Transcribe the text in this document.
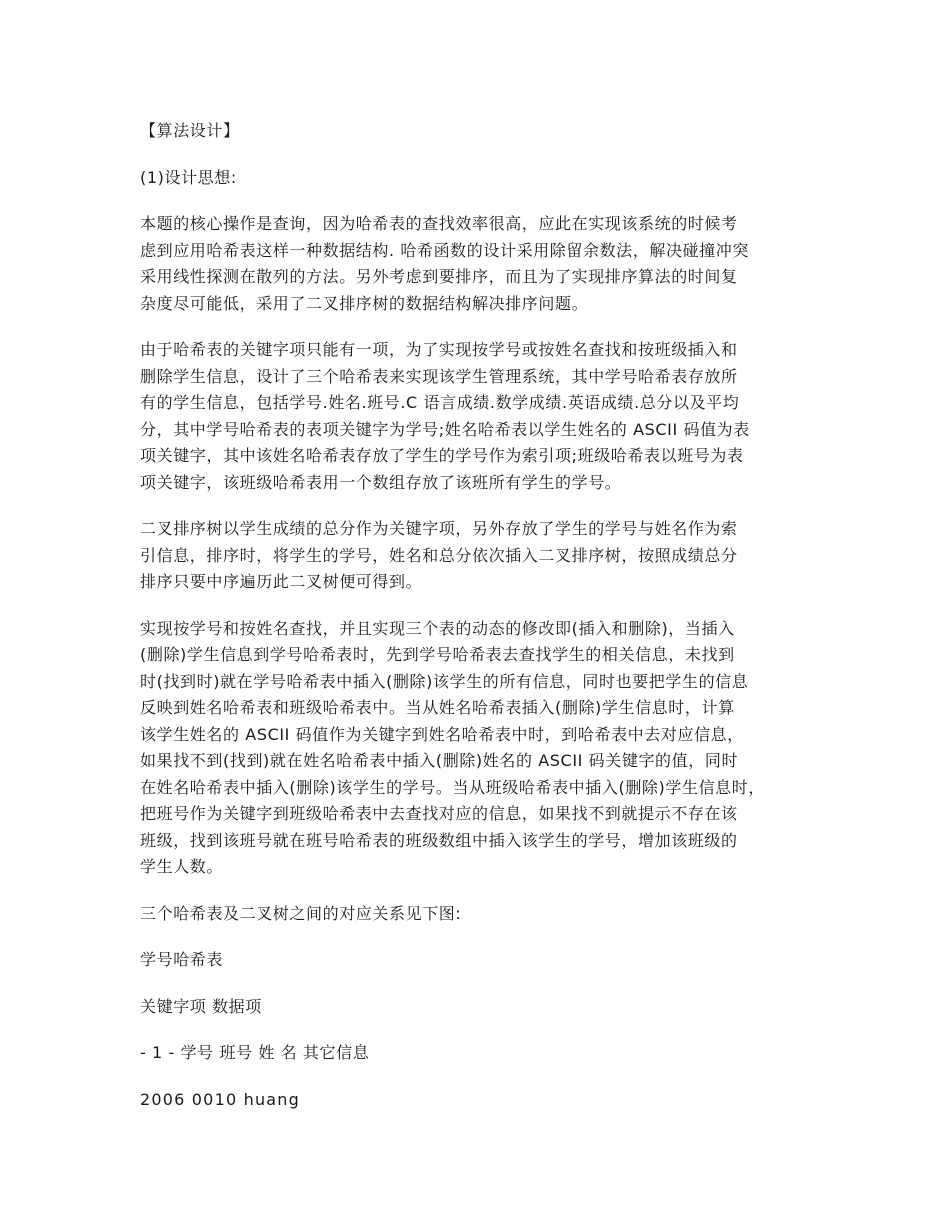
【算法设计】

(1)设计思想:

本题的核心操作是查询，因为哈希表的查找效率很高，应此在实现该系统的时候考
虑到应用哈希表这样一种数据结构. 哈希函数的设计采用除留余数法，解决碰撞冲突
采用线性探测在散列的方法。另外考虑到要排序，而且为了实现排序算法的时间复
杂度尽可能低，采用了二叉排序树的数据结构解决排序问题。

由于哈希表的关键字项只能有一项，为了实现按学号或按姓名查找和按班级插入和
删除学生信息，设计了三个哈希表来实现该学生管理系统，其中学号哈希表存放所
有的学生信息，包括学号.姓名.班号.C 语言成绩.数学成绩.英语成绩.总分以及平均
分，其中学号哈希表的表项关键字为学号;姓名哈希表以学生姓名的 ASCII 码值为表
项关键字，其中该姓名哈希表存放了学生的学号作为索引项;班级哈希表以班号为表
项关键字，该班级哈希表用一个数组存放了该班所有学生的学号。

二叉排序树以学生成绩的总分作为关键字项，另外存放了学生的学号与姓名作为索
引信息，排序时，将学生的学号，姓名和总分依次插入二叉排序树，按照成绩总分
排序只要中序遍历此二叉树便可得到。

实现按学号和按姓名查找，并且实现三个表的动态的修改即(插入和删除)，当插入
(删除)学生信息到学号哈希表时，先到学号哈希表去查找学生的相关信息，未找到
时(找到时)就在学号哈希表中插入(删除)该学生的所有信息，同时也要把学生的信息
反映到姓名哈希表和班级哈希表中。当从姓名哈希表插入(删除)学生信息时，计算
该学生姓名的 ASCII 码值作为关键字到姓名哈希表中时，到哈希表中去对应信息，
如果找不到(找到)就在姓名哈希表中插入(删除)姓名的 ASCII 码关键字的值，同时
在姓名哈希表中插入(删除)该学生的学号。当从班级哈希表中插入(删除)学生信息时，
把班号作为关键字到班级哈希表中去查找对应的信息，如果找不到就提示不存在该
班级，找到该班号就在班号哈希表的班级数组中插入该学生的学号，增加该班级的
学生人数。

三个哈希表及二叉树之间的对应关系见下图:

学号哈希表

关键字项 数据项

- 1 - 学号 班号 姓 名 其它信息

2006 0010 huang
